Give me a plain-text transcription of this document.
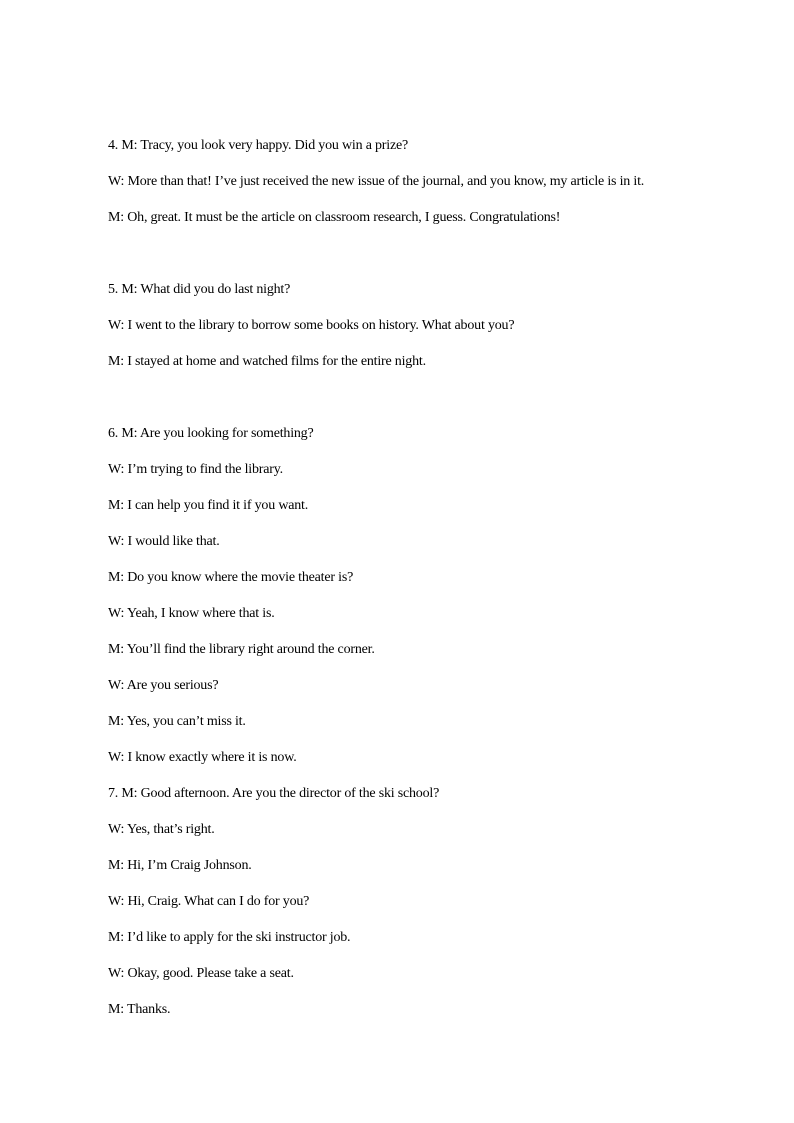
4. M: Tracy, you look very happy. Did you win a prize?
W: More than that! I’ve just received the new issue of the journal, and you know, my article is in it.
M: Oh, great. It must be the article on classroom research, I guess. Congratulations!
5. M: What did you do last night?
W: I went to the library to borrow some books on history. What about you?
M: I stayed at home and watched films for the entire night.
6. M: Are you looking for something?
W: I’m trying to find the library.
M: I can help you find it if you want.
W: I would like that.
M: Do you know where the movie theater is?
W: Yeah, I know where that is.
M: You’ll find the library right around the corner.
W: Are you serious?
M: Yes, you can’t miss it.
W: I know exactly where it is now.
7. M: Good afternoon. Are you the director of the ski school?
W: Yes, that’s right.
M: Hi, I’m Craig Johnson.
W: Hi, Craig. What can I do for you?
M: I’d like to apply for the ski instructor job.
W: Okay, good. Please take a seat.
M: Thanks.
